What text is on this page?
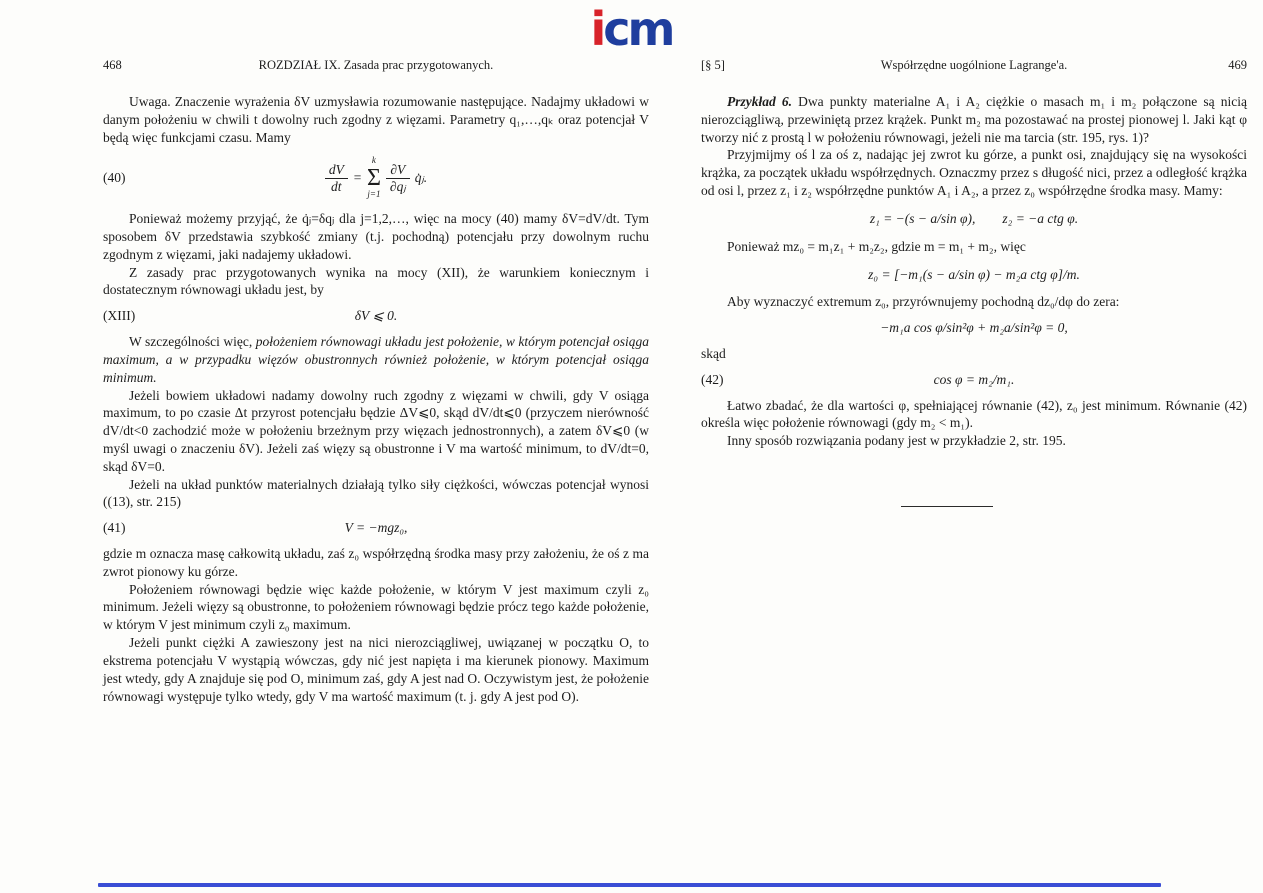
icm
468	ROZDZIAŁ IX. Zasada prac przygotowanych.

Uwaga. Znaczenie wyrażenia δV uzmysławia rozumowanie następujące. Nadajmy układowi w danym położeniu w chwili t dowolny ruch zgodny z więzami. Parametry q₁,…,qₖ oraz potencjał V będą więc funkcjami czasu. Mamy

(40)	$\frac{dV}{dt}$ =
k
Σ
$j=1 \frac{\partial V}{\text{∂qⱼ}}$ q̇ⱼ.

Ponieważ możemy przyjąć, że q̇ⱼ=δqⱼ dla j=1,2,…, więc na mocy (40) mamy δV=dV/dt. Tym sposobem δV przedstawia szybkość zmiany (t.j. pochodną) potencjału przy dowolnym ruchu zgodnym z więzami, jaki nadajemy układowi.

Z zasady prac przygotowanych wynika na mocy (XII), że warunkiem koniecznym i dostatecznym równowagi układu jest, by

(XIII)	δV ⩽ 0.

W szczególności więc, położeniem równowagi układu jest położenie, w którym potencjał osiąga maximum, a w przypadku więzów obustronnych również położenie, w którym potencjał osiąga minimum.

Jeżeli bowiem układowi nadamy dowolny ruch zgodny z więzami w chwili, gdy V osiąga maximum, to po czasie Δt przyrost potencjału będzie ΔV⩽0, skąd dV/dt⩽0 (przyczem nierówność dV/dt<0 zachodzić może w położeniu brzeżnym przy więzach jednostronnych), a zatem δV⩽0 (w myśl uwagi o znaczeniu δV). Jeżeli zaś więzy są obustronne i V ma wartość minimum, to dV/dt=0, skąd δV=0.

Jeżeli na układ punktów materialnych działają tylko siły ciężkości, wówczas potencjał wynosi ((13), str. 215)

(41)	V = −mgz₀,

gdzie m oznacza masę całkowitą układu, zaś z₀ współrzędną środka masy przy założeniu, że oś z ma zwrot pionowy ku górze.

Położeniem równowagi będzie więc każde położenie, w którym V jest maximum czyli z₀ minimum. Jeżeli więzy są obustronne, to położeniem równowagi będzie prócz tego każde położenie, w którym V jest minimum czyli z₀ maximum.

Jeżeli punkt ciężki A zawieszony jest na nici nierozciągliwej, uwiązanej w początku O, to ekstrema potencjału V wystąpią wówczas, gdy nić jest napięta i ma kierunek pionowy. Maximum jest wtedy, gdy A znajduje się pod O, minimum zaś, gdy A jest nad O. Oczywistym jest, że położenie równowagi występuje tylko wtedy, gdy V ma wartość maximum (t. j. gdy A jest pod O).

[§ 5]	Współrzędne uogólnione Lagrange'a.	469

Przykład 6. Dwa punkty materialne A₁ i A₂ ciężkie o masach m₁ i m₂ połączone są nicią nierozciągliwą, przewiniętą przez krążek. Punkt m₂ ma pozostawać na prostej pionowej l. Jaki kąt φ tworzy nić z prostą l w położeniu równowagi, jeżeli nie ma tarcia (str. 195, rys. 1)?

Przyjmijmy oś l za oś z, nadając jej zwrot ku górze, a punkt osi, znajdujący się na wysokości krążka, za początek układu współrzędnych. Oznaczmy przez s długość nici, przez a odległość krążka od osi l, przez z₁ i z₂ współrzędne punktów A₁ i A₂, a przez z₀ współrzędne środka masy. Mamy:

z₁ = −(s − a/sin φ),        z₂ = −a ctg φ.

Ponieważ mz₀ = m₁z₁ + m₂z₂, gdzie m = m₁ + m₂, więc

z₀ = [−m₁(s − a/sin φ) − m₂a ctg φ]/m.

Aby wyznaczyć extremum z₀, przyrównujemy pochodną dz₀/dφ do zera:

−m₁a cos φ/sin²φ + m₂a/sin²φ = 0,

skąd

(42)	cos φ = m₂/m₁.

Łatwo zbadać, że dla wartości φ, spełniającej równanie (42), z₀ jest minimum. Równanie (42) określa więc położenie równowagi (gdy m₂ < m₁).

Inny sposób rozwiązania podany jest w przykładzie 2, str. 195.
